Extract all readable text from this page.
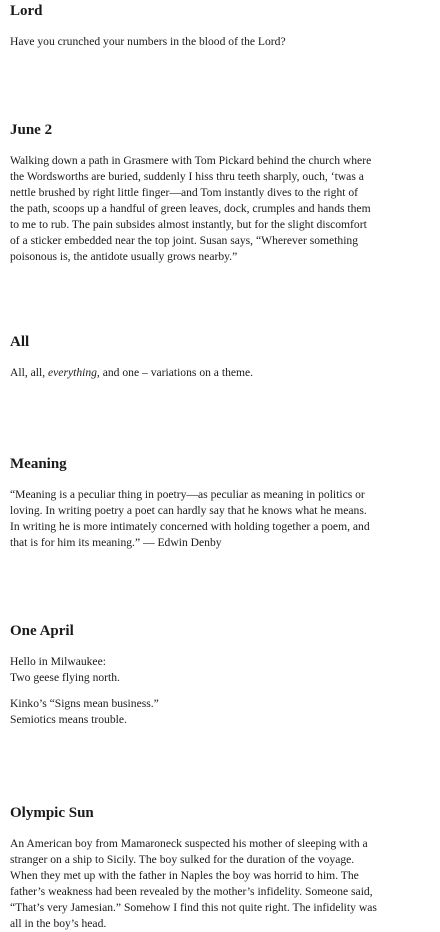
Lord

Have you crunched your numbers in the blood of the Lord?

June 2

Walking down a path in Grasmere with Tom Pickard behind the church where
the Wordsworths are buried, suddenly I hiss thru teeth sharply, ouch, ‘twas a
nettle brushed by right little finger—and Tom instantly dives to the right of
the path, scoops up a handful of green leaves, dock, crumples and hands them
to me to rub. The pain subsides almost instantly, but for the slight discomfort
of a sticker embedded near the top joint. Susan says, “Wherever something
poisonous is, the antidote usually grows nearby.”

All

All, all, everything, and one – variations on a theme.

Meaning

“Meaning is a peculiar thing in poetry—as peculiar as meaning in politics or
loving. In writing poetry a poet can hardly say that he knows what he means.
In writing he is more intimately concerned with holding together a poem, and
that is for him its meaning.” — Edwin Denby

One April

Hello in Milwaukee:
Two geese flying north.

Kinko’s “Signs mean business.”
Semiotics means trouble.

Olympic Sun

An American boy from Mamaroneck suspected his mother of sleeping with a
stranger on a ship to Sicily. The boy sulked for the duration of the voyage.
When they met up with the father in Naples the boy was horrid to him. The
father’s weakness had been revealed by the mother’s infidelity. Someone said,
“That’s very Jamesian.” Somehow I find this not quite right. The infidelity was
all in the boy’s head.
